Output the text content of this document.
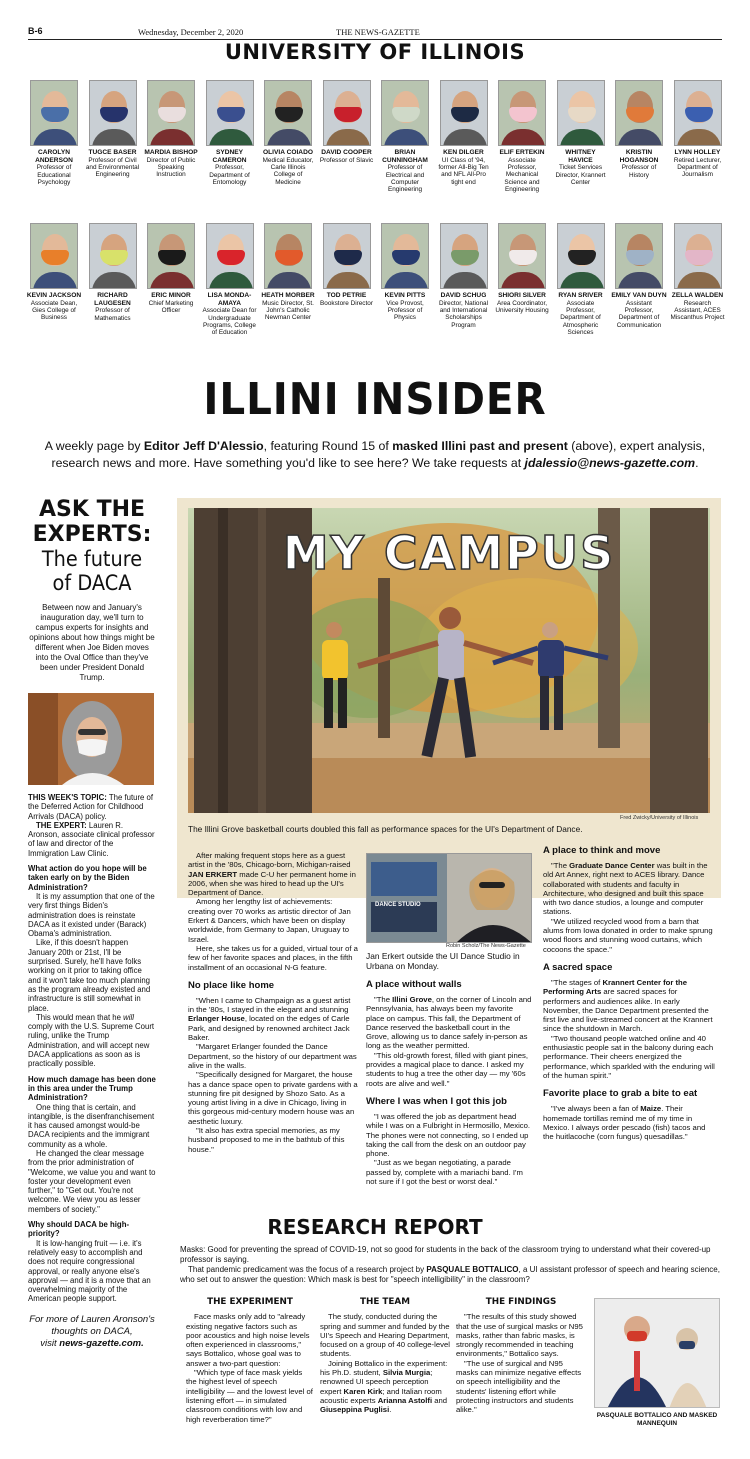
B-6	Wednesday, December 2, 2020	THE NEWS-GAZETTE
UNIVERSITY OF ILLINOIS
CAROLYN ANDERSON
Professor of Educational Psychology
TUGCE BASER
Professor of Civil and Environmental Engineering
MARDIA BISHOP
Director of Public Speaking Instruction
SYDNEY CAMERON
Professor, Department of Entomology
OLIVIA COIADO
Medical Educator, Carle Illinois College of Medicine
DAVID COOPER
Professor of Slavic
BRIAN CUNNINGHAM
Professor of Electrical and Computer Engineering
KEN DILGER
UI Class of '94, former All-Big Ten and NFL All-Pro tight end
ELIF ERTEKIN
Associate Professor, Mechanical Science and Engineering
WHITNEY HAVICE
Ticket Services Director, Krannert Center
KRISTIN HOGANSON
Professor of History
LYNN HOLLEY
Retired Lecturer, Department of Journalism
KEVIN JACKSON
Associate Dean, Gies College of Business
RICHARD LAUGESEN
Professor of Mathematics
ERIC MINOR
Chief Marketing Officer
LISA MONDA-AMAYA
Associate Dean for Undergraduate Programs, College of Education
HEATH MORBER
Music Director, St. John's Catholic Newman Center
TOD PETRIE
Bookstore Director
KEVIN PITTS
Vice Provost, Professor of Physics
DAVID SCHUG
Director, National and International Scholarships Program
SHIORI SILVER
Area Coordinator, University Housing
RYAN SRIVER
Associate Professor, Department of Atmospheric Sciences
EMILY VAN DUYN
Assistant Professor, Department of Communication
ZELLA WALDEN
Research Assistant, ACES Miscanthus Project
ILLINI INSIDER
A weekly page by Editor Jeff D'Alessio, featuring Round 15 of masked Illini past and present (above), expert analysis, research news and more. Have something you'd like to see here? We take requests at jdalessio@news-gazette.com.
ASK THE EXPERTS:
The future of DACA
Between now and January's inauguration day, we'll turn to campus experts for insights and opinions about how things might be different when Joe Biden moves into the Oval Office than they've been under President Donald Trump.

THIS WEEK'S TOPIC: The future of the Deferred Action for Childhood Arrivals (DACA) policy.

THE EXPERT: Lauren R. Aronson, associate clinical professor of law and director of the Immigration Law Clinic.

What action do you hope will be taken early on by the Biden Administration?

It is my assumption that one of the very first things Biden's administration does is reinstate DACA as it existed under (Barack) Obama's administration.

Like, if this doesn't happen January 20th or 21st, I'll be surprised. Surely, he'll have folks working on it prior to taking office and it won't take too much planning as the program already existed and infrastructure is still somewhat in place.

This would mean that he will comply with the U.S. Supreme Court ruling, unlike the Trump Administration, and will accept new DACA applications as soon as is practically possible.

How much damage has been done in this area under the Trump Administration?

One thing that is certain, and intangible, is the disenfranchisement it has caused amongst would-be DACA recipients and the immigrant community as a whole.

He changed the clear message from the prior administration of "Welcome, we value you and want to foster your development even further," to "Get out. You're not welcome. We view you as lesser members of society."

Why should DACA be high-priority?

It is low-hanging fruit — i.e. it's relatively easy to accomplish and does not require congressional approval, or really anyone else's approval — and it is a move that an overwhelming majority of the American people support.

For more of Lauren Aronson's thoughts on DACA,
visit news-gazette.com.
MY CAMPUS
Fred Zwicky/University of Illinois
The Illini Grove basketball courts doubled this fall as performance spaces for the UI's Department of Dance.

After making frequent stops here as a guest artist in the '80s, Chicago-born, Michigan-raised JAN ERKERT made C-U her permanent home in 2006, when she was hired to head up the UI's Department of Dance.

Among her lengthy list of achievements: creating over 70 works as artistic director of Jan Erkert & Dancers, which have been on display worldwide, from Germany to Japan, Uruguay to Israel.

Here, she takes us for a guided, virtual tour of a few of her favorite spaces and places, in the fifth installment of an occasional N-G feature.

No place like home

"When I came to Champaign as a guest artist in the '80s, I stayed in the elegant and stunning Erlanger House, located on the edges of Carle Park, and designed by renowned architect Jack Baker.

"Margaret Erlanger founded the Dance Department, so the history of our department was alive in the walls.

"Specifically designed for Margaret, the house has a dance space open to private gardens with a stunning fire pit designed by Shozo Sato. As a young artist living in a dive in Chicago, living in this gorgeous mid-century modern house was an aesthetic luxury.

"It also has extra special memories, as my husband proposed to me in the bathtub of this house."

DANCE STUDIO
Robin Scholz/The News-Gazette

Jan Erkert outside the UI Dance Studio in Urbana on Monday.

A place without walls

"The Illini Grove, on the corner of Lincoln and Pennsylvania, has always been my favorite place on campus. This fall, the Department of Dance reserved the basketball court in the Grove, allowing us to dance safely in-person as long as the weather permitted.

"This old-growth forest, filled with giant pines, provides a magical place to dance. I asked my students to hug a tree the other day — my '60s roots are alive and well."

Where I was when I got this job

"I was offered the job as department head while I was on a Fulbright in Hermosillo, Mexico. The phones were not connecting, so I ended up taking the call from the desk on an outdoor pay phone.

"Just as we began negotiating, a parade passed by, complete with a mariachi band. I'm not sure if I got the best or worst deal."

A place to think and move

"The Graduate Dance Center was built in the old Art Annex, right next to ACES library. Dance collaborated with students and faculty in Architecture, who designed and built this space with two dance studios, a lounge and computer stations.

"We utilized recycled wood from a barn that alums from Iowa donated in order to make sprung wood floors and stunning wood curtains, which cocoons the space."

A sacred space

"The stages of Krannert Center for the Performing Arts are sacred spaces for performers and audiences alike. In early November, the Dance Department presented the first live and live-streamed concert at the Krannert since the shutdown in March.

"Two thousand people watched online and 40 enthusiastic people sat in the balcony during each performance. Their cheers energized the performance, which sparkled with the enduring will of the human spirit."

Favorite place to grab a bite to eat

"I've always been a fan of Maize. Their homemade tortillas remind me of my time in Mexico. I always order pescado (fish) tacos and the huitlacoche (corn fungus) quesadillas."

RESEARCH REPORT

Masks: Good for preventing the spread of COVID-19, not so good for students in the back of the classroom trying to understand what their covered-up professor is saying.

That pandemic predicament was the focus of a research project by PASQUALE BOTTALICO, a UI assistant professor of speech and hearing science, who set out to answer the question: Which mask is best for "speech intelligibility" in the classroom?

THE EXPERIMENT

Face masks only add to "already existing negative factors such as poor acoustics and high noise levels often experienced in classrooms," says Bottalico, whose goal was to answer a two-part question:

"Which type of face mask yields the highest level of speech intelligibility — and the lowest level of listening effort — in simulated classroom conditions with low and high reverberation time?"

THE TEAM

The study, conducted during the spring and summer and funded by the UI's Speech and Hearing Department, focused on a group of 40 college-level students.

Joining Bottalico in the experiment: his Ph.D. student, Silvia Murgia; renowned UI speech perception expert Karen Kirk; and Italian room acoustic experts Arianna Astolfi and Giuseppina Puglisi.

THE FINDINGS

"The results of this study showed that the use of surgical masks or N95 masks, rather than fabric masks, is strongly recommended in teaching environments," Bottalico says.

"The use of surgical and N95 masks can minimize negative effects on speech intelligibility and the students' listening effort while protecting instructors and students alike."

PASQUALE BOTTALICO AND MASKED MANNEQUIN
